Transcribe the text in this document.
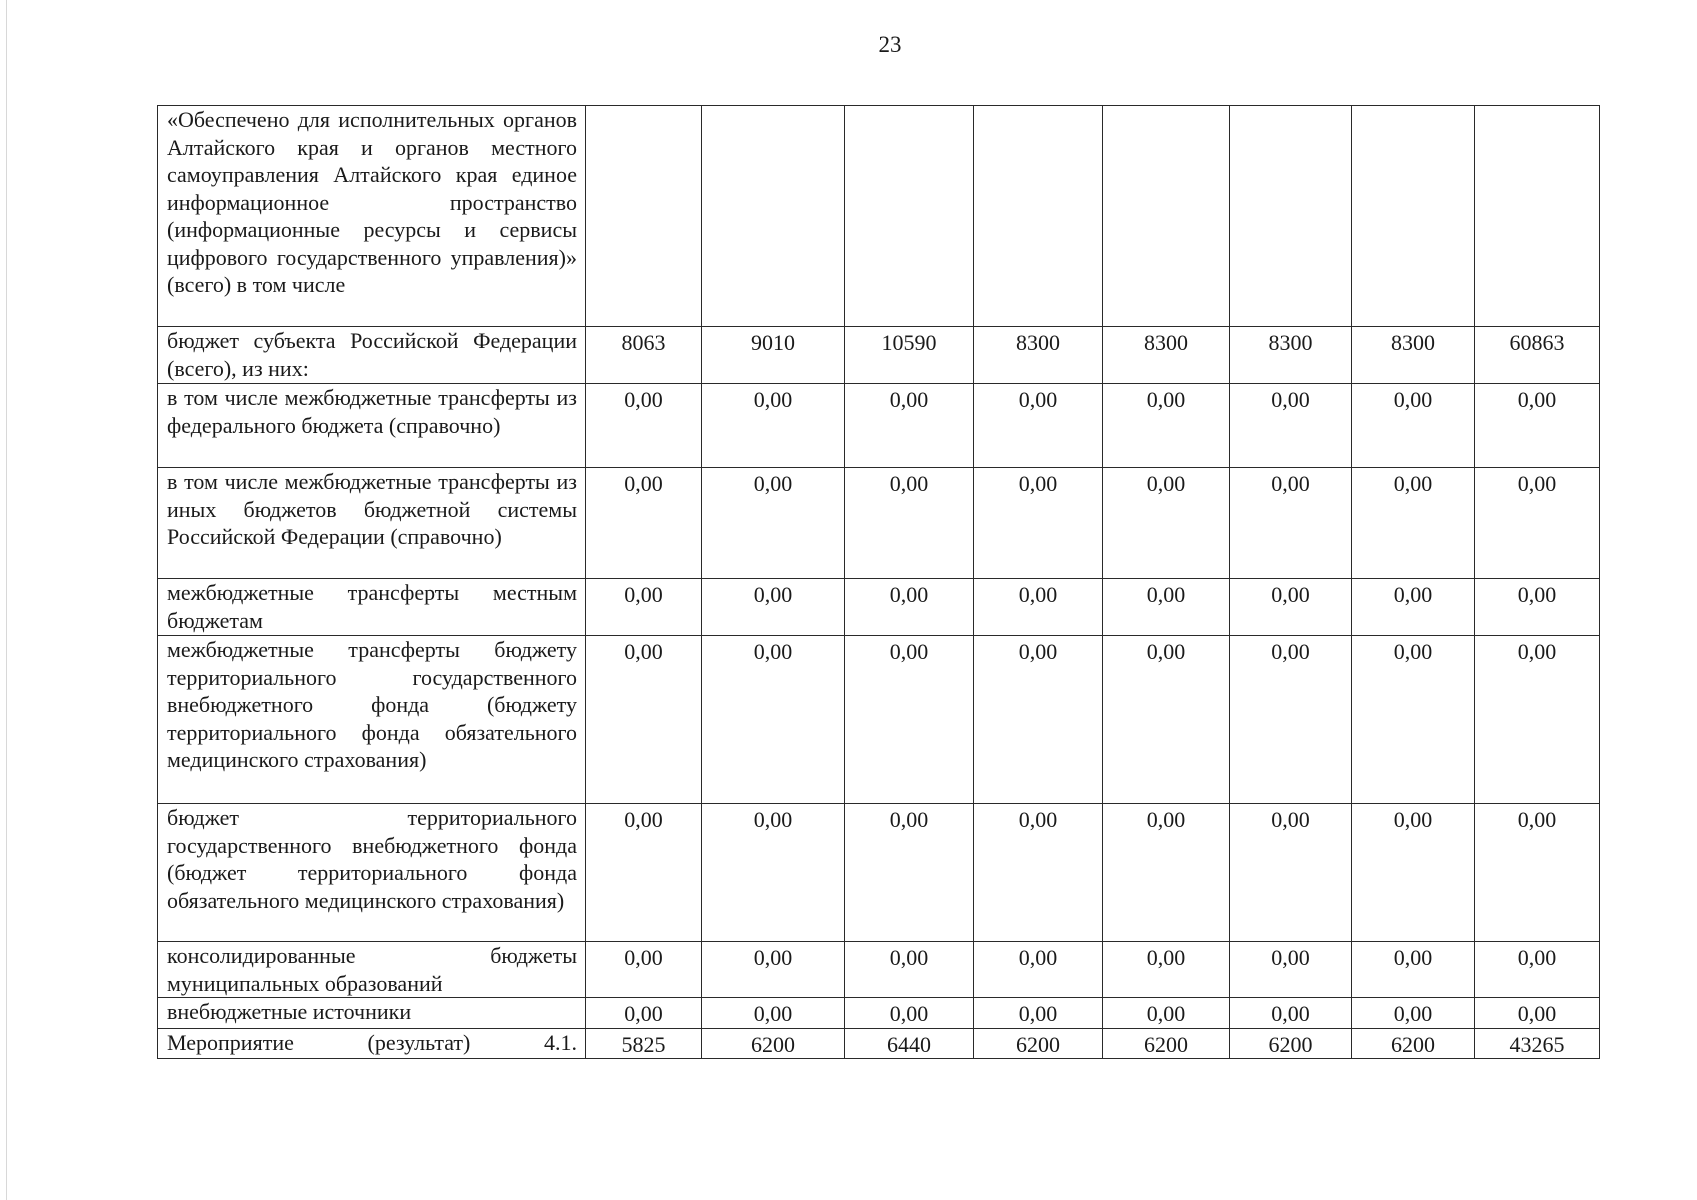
23
«Обеспечено для исполнительных органов Алтайского края и органов местного самоуправления Алтайского края единое информационное пространство (информационные ресурсы и сервисы цифрового государственного управления)» (всего) в том числе								
бюджет субъекта Российской Федерации (всего), из них:	8063	9010	10590	8300	8300	8300	8300	60863
в том числе межбюджетные трансферты из федерального бюджета (справочно)	0,00	0,00	0,00	0,00	0,00	0,00	0,00	0,00
в том числе межбюджетные трансферты из иных бюджетов бюджетной системы Российской Федерации (справочно)	0,00	0,00	0,00	0,00	0,00	0,00	0,00	0,00
межбюджетные трансферты местным бюджетам	0,00	0,00	0,00	0,00	0,00	0,00	0,00	0,00
межбюджетные трансферты бюджету территориального государственного внебюджетного фонда (бюджету территориального фонда обязательного медицинского страхования)	0,00	0,00	0,00	0,00	0,00	0,00	0,00	0,00
бюджет территориального государственного внебюджетного фонда (бюджет территориального фонда обязательного медицинского страхования)	0,00	0,00	0,00	0,00	0,00	0,00	0,00	0,00
консолидированные бюджеты муниципальных образований	0,00	0,00	0,00	0,00	0,00	0,00	0,00	0,00
внебюджетные источники	0,00	0,00	0,00	0,00	0,00	0,00	0,00	0,00
Мероприятие (результат) 4.1.	5825	6200	6440	6200	6200	6200	6200	43265
